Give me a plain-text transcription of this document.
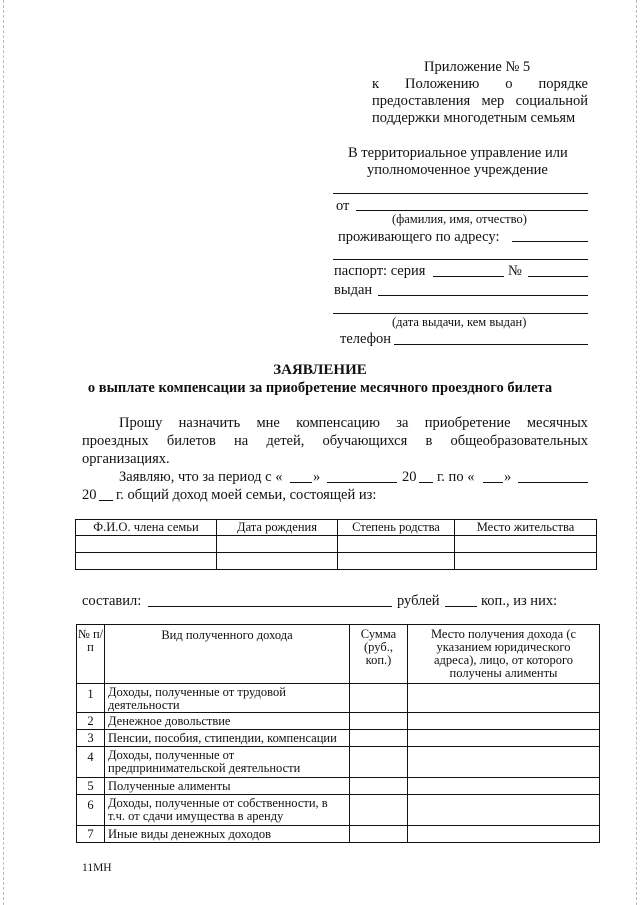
Приложение № 5
к Положению о порядке
предоставления мер социальной
поддержки многодетным семьям
В территориальное управление или
уполномоченное учреждение
от
(фамилия, имя, отчество)
проживающего по адресу:
паспорт: серия	№
выдан
(дата выдачи, кем выдан)
телефон
ЗАЯВЛЕНИЕ
о выплате компенсации за приобретение месячного проездного билета
Прошу назначить мне компенсацию за приобретение месячных
проездных билетов на детей, обучающихся в общеобразовательных
организациях.
Заявляю, что за период с « »	20 г. по « »
20 г. общий доход моей семьи, состоящей из:
Ф.И.О. члена семьи	Дата рождения	Степень родства	Место жительства

составил:	рублей	коп., из них:
№ п/п	Вид полученного дохода	Сумма (руб., коп.)	Место получения дохода (с указанием юридического адреса), лицо, от которого получены алименты
1	Доходы, полученные от трудовой деятельности		
2	Денежное довольствие		
3	Пенсии, пособия, стипендии, компенсации		
4	Доходы, полученные от предпринимательской деятельности		
5	Полученные алименты		
6	Доходы, полученные от собственности, в т.ч. от сдачи имущества в аренду		
7	Иные виды денежных доходов		
11МН
